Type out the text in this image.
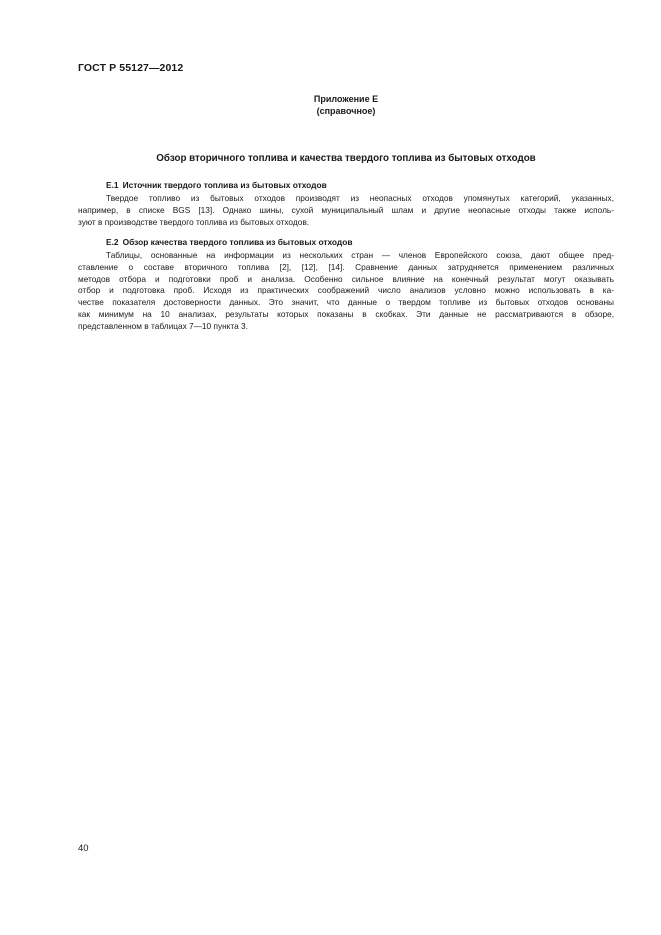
ГОСТ Р 55127—2012
Приложение Е
(справочное)
Обзор вторичного топлива и качества твердого топлива из бытовых отходов
Е.1 Источник твердого топлива из бытовых отходов
Твердое топливо из бытовых отходов производят из неопасных отходов упомянутых категорий, указанных,
например, в списке BGS [13]. Однако шины, сухой муниципальный шлам и другие неопасные отходы также исполь-
зуют в производстве твердого топлива из бытовых отходов.
Е.2 Обзор качества твердого топлива из бытовых отходов
Таблицы, основанные на информации из нескольких стран — членов Европейского союза, дают общее пред-
ставление о составе вторичного топлива [2], [12], [14]. Сравнение данных затрудняется применением различных
методов отбора и подготовки проб и анализа. Особенно сильное влияние на конечный результат могут оказывать
отбор и подготовка проб. Исходя из практических соображений число анализов условно можно использовать в ка-
честве показателя достоверности данных. Это значит, что данные о твердом топливе из бытовых отходов основаны
как минимум на 10 анализах, результаты которых показаны в скобках. Эти данные не рассматриваются в обзоре,
представленном в таблицах 7—10 пункта 3.
40
